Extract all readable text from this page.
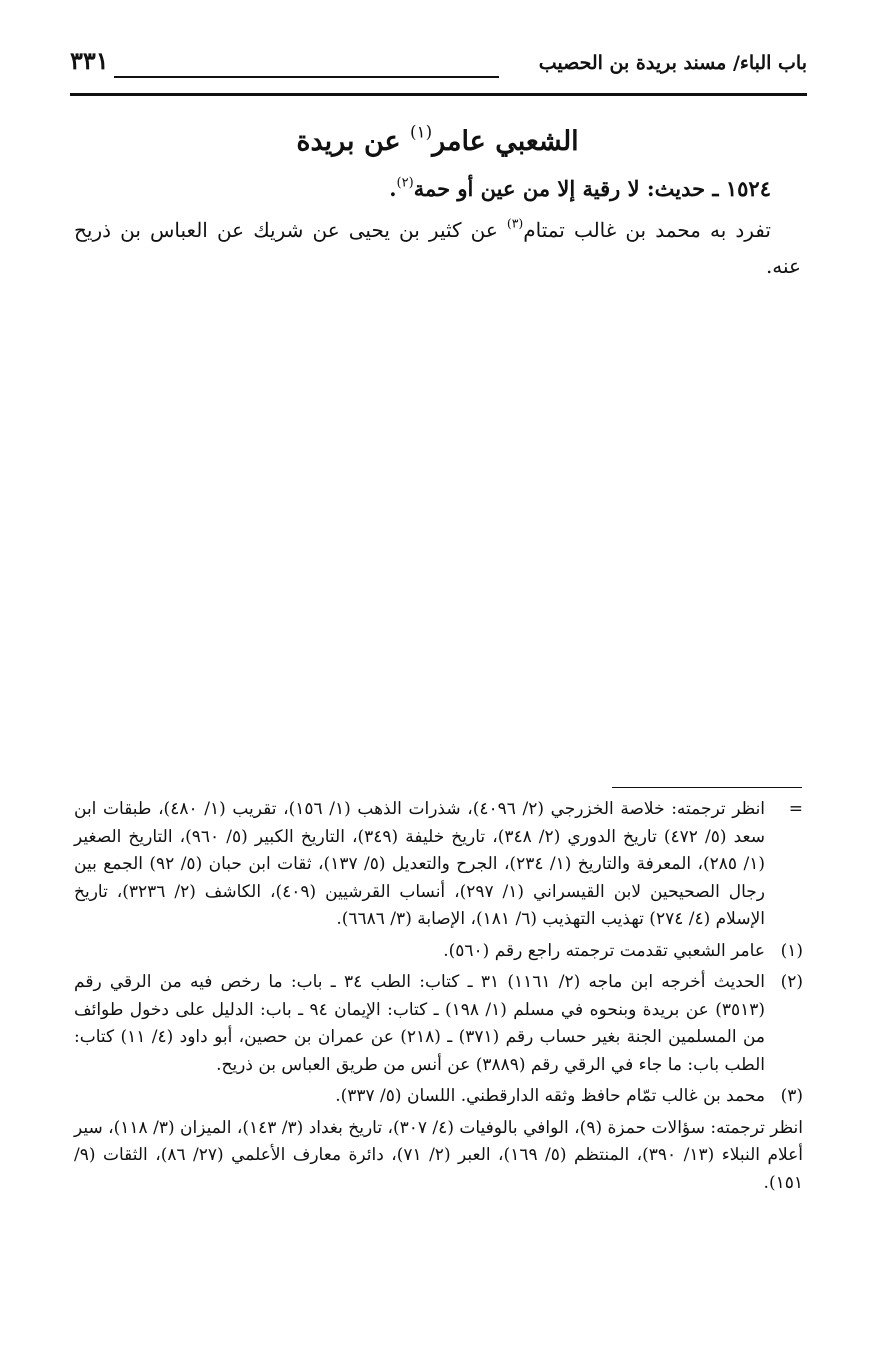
باب الباء/ مسند بريدة بن الحصيب
٣٣١
الشعبي عامر$^{(١)}$ عن بريدة
١٥٢٤ ـ حديث: لا رقية إلا من عين أو حمة$^{(٢)}$.

تفرد به محمد بن غالب تمتام$^{(٣)}$ عن كثير بن يحيى عن شريك عن العباس بن ذريح عنه.

=
انظر ترجمته: خلاصة الخزرجي (٢/ ٤٠٩٦)، شذرات الذهب (١/ ١٥٦)، تقريب (١/ ٤٨٠)، طبقات ابن سعد (٥/ ٤٧٢) تاريخ الدوري (٢/ ٣٤٨)، تاريخ خليفة (٣٤٩)، التاريخ الكبير (٥/ ٩٦٠)، التاريخ الصغير (١/ ٢٨٥)، المعرفة والتاريخ (١/ ٢٣٤)، الجرح والتعديل (٥/ ١٣٧)، ثقات ابن حبان (٥/ ٩٢) الجمع بين رجال الصحيحين لابن القيسراني (١/ ٢٩٧)، أنساب القرشيين (٤٠٩)، الكاشف (٢/ ٣٢٣٦)، تاريخ الإسلام (٤/ ٢٧٤) تهذيب التهذيب (٦/ ١٨١)، الإصابة (٣/ ٦٦٨٦).
(١)
عامر الشعبي تقدمت ترجمته راجع رقم (٥٦٠).
(٢)
الحديث أخرجه ابن ماجه (٢/ ١١٦١) ٣١ ـ كتاب: الطب ٣٤ ـ باب: ما رخص فيه من الرقي رقم (٣٥١٣) عن بريدة وبنحوه في مسلم (١/ ١٩٨) ـ كتاب: الإيمان ٩٤ ـ باب: الدليل على دخول طوائف من المسلمين الجنة بغير حساب رقم (٣٧١) ـ (٢١٨) عن عمران بن حصين، أبو داود (٤/ ١١) كتاب: الطب باب: ما جاء في الرقي رقم (٣٨٨٩) عن أنس من طريق العباس بن ذريح.
(٣)
محمد بن غالب تمّام حافظ وثقه الدارقطني. اللسان (٥/ ٣٣٧).
انظر ترجمته: سؤالات حمزة (٩)، الوافي بالوفيات (٤/ ٣٠٧)، تاريخ بغداد (٣/ ١٤٣)، الميزان (٣/ ١١٨)، سير أعلام النبلاء (١٣/ ٣٩٠)، المنتظم (٥/ ١٦٩)، العبر (٢/ ٧١)، دائرة معارف الأعلمي (٢٧/ ٨٦)، الثقات (٩/ ١٥١).
